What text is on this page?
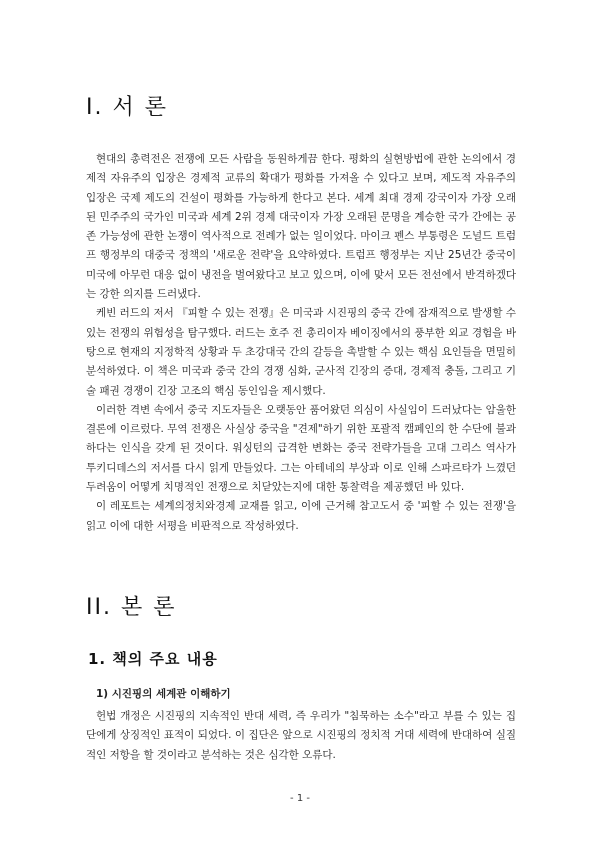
I. 서 론

현대의 총력전은 전쟁에 모든 사람을 동원하게끔 한다. 평화의 실현방법에 관한 논의에서 경제적 자유주의 입장은 경제적 교류의 확대가 평화를 가져올 수 있다고 보며, 제도적 자유주의 입장은 국제 제도의 건설이 평화를 가능하게 한다고 본다. 세계 최대 경제 강국이자 가장 오래된 민주주의 국가인 미국과 세계 2위 경제 대국이자 가장 오래된 문명을 계승한 국가 간에는 공존 가능성에 관한 논쟁이 역사적으로 전례가 없는 일이었다. 마이크 펜스 부통령은 도널드 트럼프 행정부의 대중국 정책의 '새로운 전략'을 요약하였다. 트럼프 행정부는 지난 25년간 중국이 미국에 아무런 대응 없이 냉전을 벌여왔다고 보고 있으며, 이에 맞서 모든 전선에서 반격하겠다는 강한 의지를 드러냈다.

케빈 러드의 저서 『피할 수 있는 전쟁』은 미국과 시진핑의 중국 간에 잠재적으로 발생할 수 있는 전쟁의 위험성을 탐구했다. 러드는 호주 전 총리이자 베이징에서의 풍부한 외교 경험을 바탕으로 현재의 지정학적 상황과 두 초강대국 간의 갈등을 촉발할 수 있는 핵심 요인들을 면밀히 분석하였다. 이 책은 미국과 중국 간의 경쟁 심화, 군사적 긴장의 증대, 경제적 충돌, 그리고 기술 패권 경쟁이 긴장 고조의 핵심 동인임을 제시했다.

이러한 격변 속에서 중국 지도자들은 오랫동안 품어왔던 의심이 사실임이 드러났다는 암울한 결론에 이르렀다. 무역 전쟁은 사실상 중국을 "견제"하기 위한 포괄적 캠페인의 한 수단에 불과하다는 인식을 갖게 된 것이다. 워싱턴의 급격한 변화는 중국 전략가들을 고대 그리스 역사가 투키디데스의 저서를 다시 읽게 만들었다. 그는 아테네의 부상과 이로 인해 스파르타가 느꼈던 두려움이 어떻게 치명적인 전쟁으로 치닫았는지에 대한 통찰력을 제공했던 바 있다.

이 레포트는 세계의정치와경제 교재를 읽고, 이에 근거해 참고도서 중 '피할 수 있는 전쟁'을 읽고 이에 대한 서평을 비판적으로 작성하였다.

II. 본 론
1. 책의 주요 내용
1) 시진핑의 세계관 이해하기

헌법 개정은 시진핑의 지속적인 반대 세력, 즉 우리가 "침묵하는 소수"라고 부를 수 있는 집단에게 상징적인 표적이 되었다. 이 집단은 앞으로 시진핑의 정치적 거대 세력에 반대하여 실질적인 저항을 할 것이라고 분석하는 것은 심각한 오류다.

- 1 -
